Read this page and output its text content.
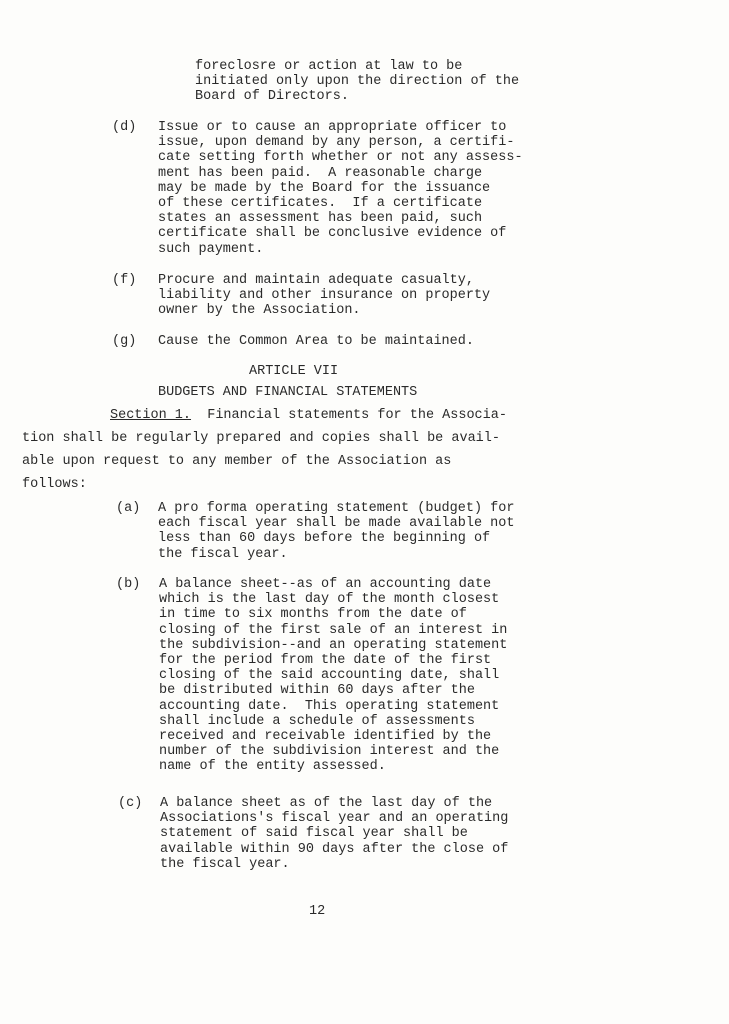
foreclosre or action at law to be
initiated only upon the direction of the
Board of Directors.
(d) Issue or to cause an appropriate officer to
issue, upon demand by any person, a certifi-
cate setting forth whether or not any assess-
ment has been paid.  A reasonable charge
may be made by the Board for the issuance
of these certificates.  If a certificate
states an assessment has been paid, such
certificate shall be conclusive evidence of
such payment.
(f) Procure and maintain adequate casualty,
liability and other insurance on property
owner by the Association.
(g) Cause the Common Area to be maintained.
ARTICLE VII
BUDGETS AND FINANCIAL STATEMENTS
Section 1.  Financial statements for the Associa-
tion shall be regularly prepared and copies shall be avail-
able upon request to any member of the Association as
follows:
(a) A pro forma operating statement (budget) for
each fiscal year shall be made available not
less than 60 days before the beginning of
the fiscal year.
(b) A balance sheet--as of an accounting date
which is the last day of the month closest
in time to six months from the date of
closing of the first sale of an interest in
the subdivision--and an operating statement
for the period from the date of the first
closing of the said accounting date, shall
be distributed within 60 days after the
accounting date.  This operating statement
shall include a schedule of assessments
received and receivable identified by the
number of the subdivision interest and the
name of the entity assessed.
(c) A balance sheet as of the last day of the
Associations's fiscal year and an operating
statement of said fiscal year shall be
available within 90 days after the close of
the fiscal year.
12
